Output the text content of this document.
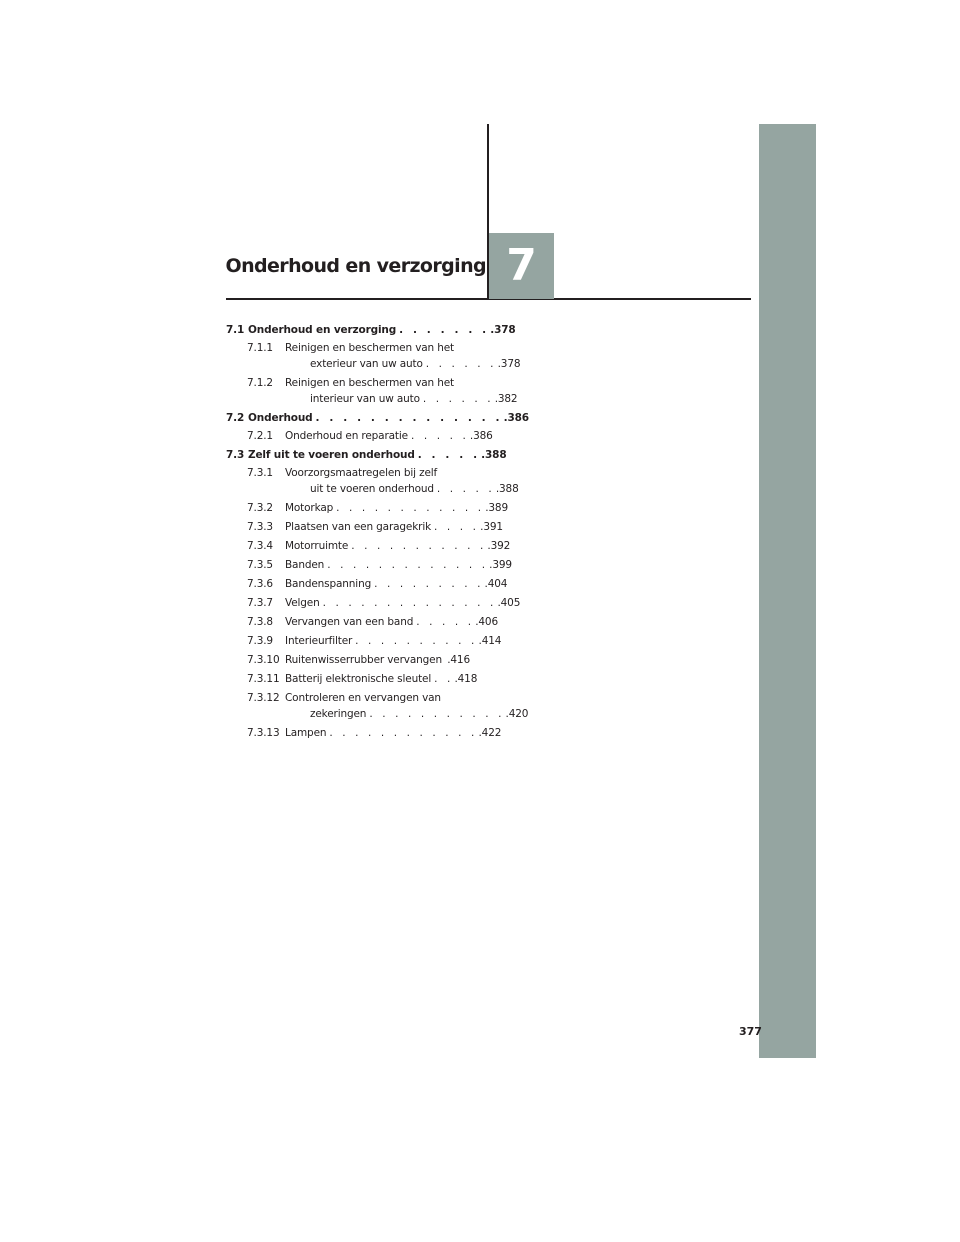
7
Onderhoud en verzorging
7.1 Onderhoud en verzorging . . . . . . . .378
7.1.1 Reinigen en beschermen van het
exterieur van uw auto . . . . . . .378
7.1.2 Reinigen en beschermen van het
interieur van uw auto . . . . . . .382
7.2 Onderhoud . . . . . . . . . . . . . . .386
7.2.1 Onderhoud en reparatie . . . . . .386
7.3 Zelf uit te voeren onderhoud . . . . . .388
7.3.1 Voorzorgsmaatregelen bij zelf
uit te voeren onderhoud . . . . . .388
7.3.2 Motorkap . . . . . . . . . . . . .389
7.3.3 Plaatsen van een garagekrik . . . . .391
7.3.4 Motorruimte . . . . . . . . . . . .392
7.3.5 Banden . . . . . . . . . . . . . .399
7.3.6 Bandenspanning . . . . . . . . . .404
7.3.7 Velgen . . . . . . . . . . . . . . .405
7.3.8 Vervangen van een band . . . . . .406
7.3.9 Interieurfilter . . . . . . . . . . .414
7.3.10 Ruitenwisserrubber vervangen .416
7.3.11 Batterij elektronische sleutel . . .418
7.3.12 Controleren en vervangen van
zekeringen . . . . . . . . . . . .420
7.3.13 Lampen . . . . . . . . . . . . .422
377
